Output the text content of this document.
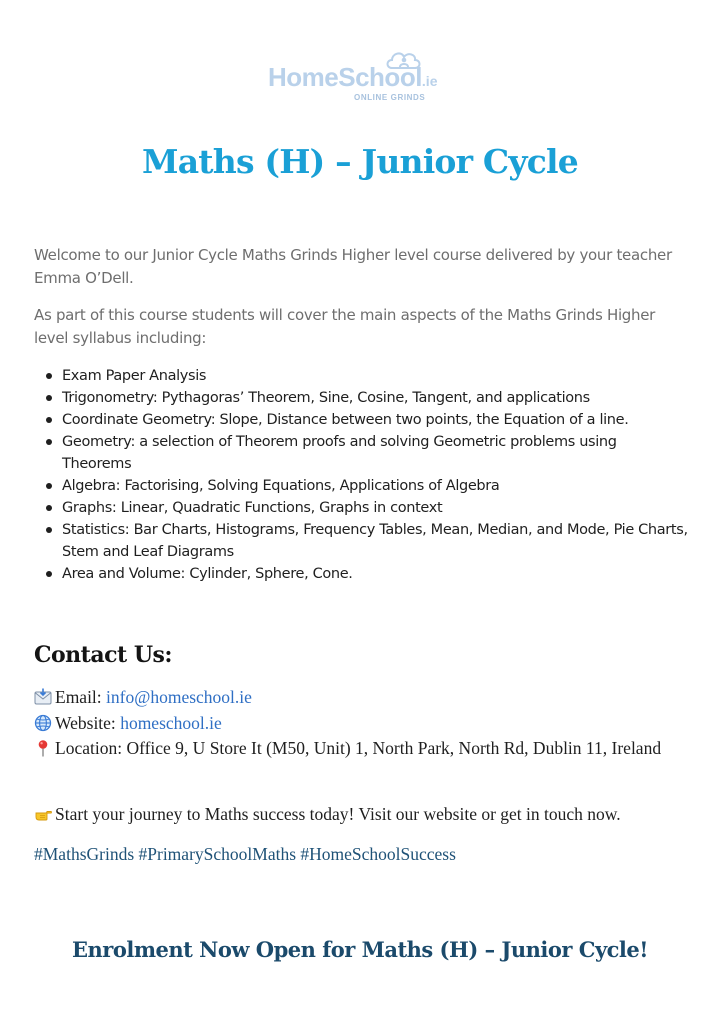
HomeSchool.ie
ONLINE GRINDS
Maths (H) – Junior Cycle

Welcome to our Junior Cycle Maths Grinds Higher level course delivered by your teacher Emma O’Dell.

As part of this course students will cover the main aspects of the Maths Grinds Higher level syllabus including:

Exam Paper Analysis
Trigonometry: Pythagoras’ Theorem, Sine, Cosine, Tangent, and applications
Coordinate Geometry: Slope, Distance between two points, the Equation of a line.
Geometry: a selection of Theorem proofs and solving Geometric problems using Theorems
Algebra: Factorising, Solving Equations, Applications of Algebra
Graphs: Linear, Quadratic Functions, Graphs in context
Statistics: Bar Charts, Histograms, Frequency Tables, Mean, Median, and Mode, Pie Charts, Stem and Leaf Diagrams
Area and Volume: Cylinder, Sphere, Cone.
Contact Us:
Email: info@homeschool.ie
Website: homeschool.ie
Location: Office 9, U Store It (M50, Unit) 1, North Park, North Rd, Dublin 11, Ireland
Start your journey to Maths success today! Visit our website or get in touch now.
#MathsGrinds #PrimarySchoolMaths #HomeSchoolSuccess
Enrolment Now Open for Maths (H) – Junior Cycle!
